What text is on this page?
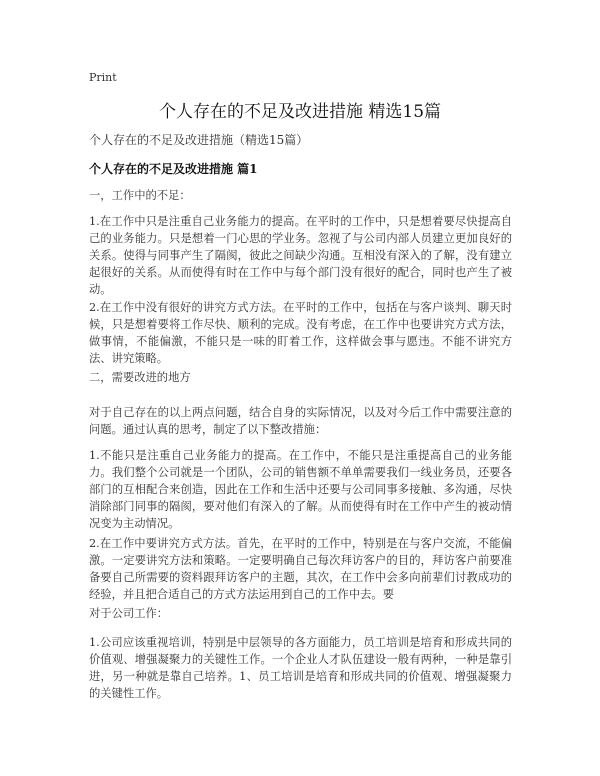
Print
个人存在的不足及改进措施 精选15篇
个人存在的不足及改进措施（精选15篇）
个人存在的不足及改进措施 篇1

一，工作中的不足：

1.在工作中只是注重自己业务能力的提高。在平时的工作中，只是想着要尽快提高自己的业务能力。只是想着一门心思的学业务。忽视了与公司内部人员建立更加良好的关系。使得与同事产生了隔阂，彼此之间缺少沟通。互相没有深入的了解，没有建立起很好的关系。从而使得有时在工作中与每个部门没有很好的配合，同时也产生了被动。

2.在工作中没有很好的讲究方式方法。在平时的工作中，包括在与客户谈判、聊天时候，只是想着要将工作尽快、顺利的完成。没有考虑，在工作中也要讲究方式方法，做事情，不能偏激，不能只是一味的盯着工作，这样做会事与愿违。不能不讲究方法、讲究策略。

二，需要改进的地方

对于自己存在的以上两点问题，结合自身的实际情况，以及对今后工作中需要注意的问题。通过认真的思考，制定了以下整改措施：

1.不能只是注重自己业务能力的提高。在工作中，不能只是注重提高自己的业务能力。我们整个公司就是一个团队，公司的销售额不单单需要我们一线业务员，还要各部门的互相配合来创造，因此在工作和生活中还要与公司同事多接触、多沟通，尽快消除部门同事的隔阂，要对他们有深入的了解。从而使得有时在工作中产生的被动情况变为主动情况。

2.在工作中要讲究方式方法。首先，在平时的工作中，特别是在与客户交流，不能偏激。一定要讲究方法和策略。一定要明确自己每次拜访客户的目的，拜访客户前要准备要自己所需要的资料跟拜访客户的主题，其次，在工作中会多向前辈们讨教成功的经验，并且把合适自己的方式方法运用到自己的工作中去。要

对于公司工作：

1.公司应该重视培训，特别是中层领导的各方面能力，员工培训是培育和形成共同的价值观、增强凝聚力的关键性工作。一个企业人才队伍建设一般有两种，一种是靠引进，另一种就是靠自己培养。1、员工培训是培育和形成共同的价值观、增强凝聚力的关键性工作。
